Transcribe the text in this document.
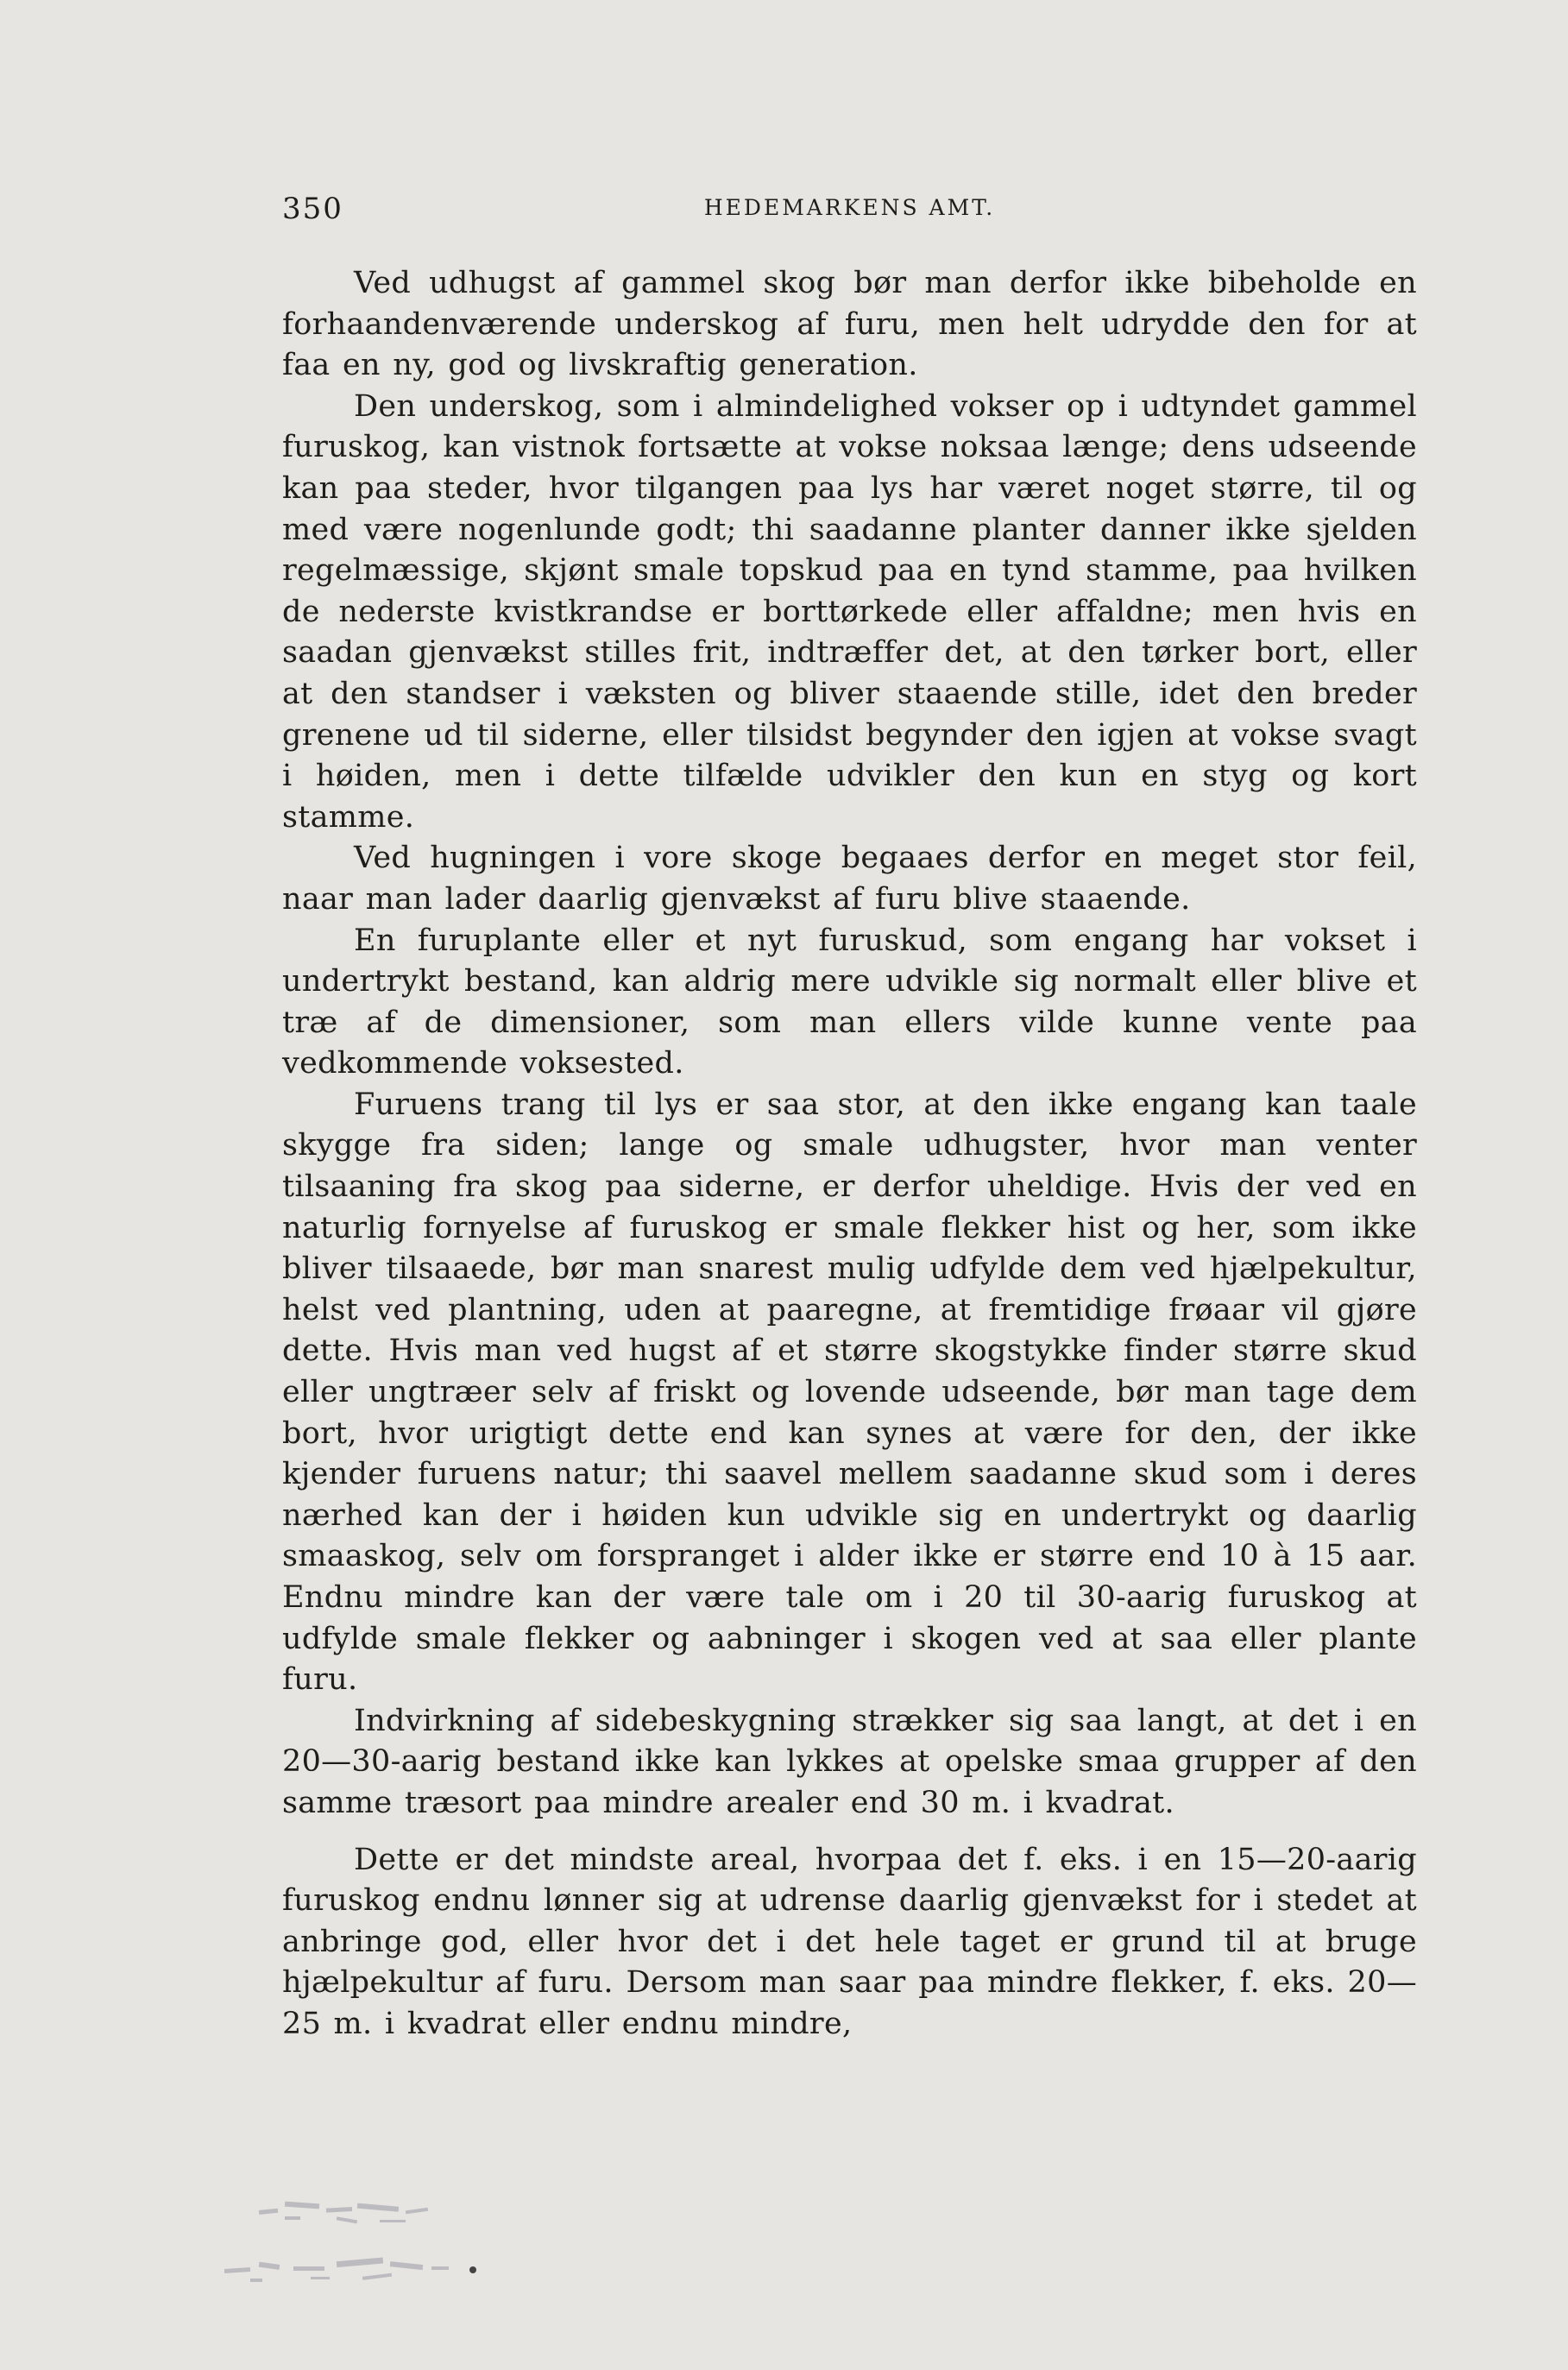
350	HEDEMARKENS AMT.

Ved udhugst af gammel skog bør man derfor ikke bibeholde en forhaandenværende underskog af furu, men helt udrydde den for at faa en ny, god og livskraftig generation.

Den underskog, som i almindelighed vokser op i udtyndet gammel furuskog, kan vistnok fortsætte at vokse noksaa længe; dens udseende kan paa steder, hvor tilgangen paa lys har været noget større, til og med være nogenlunde godt; thi saadanne planter danner ikke sjelden regelmæssige, skjønt smale topskud paa en tynd stamme, paa hvilken de nederste kvistkrandse er borttørkede eller affaldne; men hvis en saadan gjenvækst stilles frit, indtræffer det, at den tørker bort, eller at den standser i væksten og bliver staaende stille, idet den breder grenene ud til siderne, eller tilsidst begynder den igjen at vokse svagt i høiden, men i dette tilfælde udvikler den kun en styg og kort stamme.

Ved hugningen i vore skoge begaaes derfor en meget stor feil, naar man lader daarlig gjenvækst af furu blive staaende.

En furuplante eller et nyt furuskud, som engang har vokset i undertrykt bestand, kan aldrig mere udvikle sig normalt eller blive et træ af de dimensioner, som man ellers vilde kunne vente paa vedkommende voksested.

Furuens trang til lys er saa stor, at den ikke engang kan taale skygge fra siden; lange og smale udhugster, hvor man venter tilsaaning fra skog paa siderne, er derfor uheldige. Hvis der ved en naturlig fornyelse af furuskog er smale flekker hist og her, som ikke bliver tilsaaede, bør man snarest mulig udfylde dem ved hjælpekultur, helst ved plantning, uden at paaregne, at fremtidige frøaar vil gjøre dette. Hvis man ved hugst af et større skogstykke finder større skud eller ungtræer selv af friskt og lovende udseende, bør man tage dem bort, hvor urigtigt dette end kan synes at være for den, der ikke kjender furuens natur; thi saavel mellem saadanne skud som i deres nærhed kan der i høiden kun udvikle sig en undertrykt og daarlig smaaskog, selv om forspranget i alder ikke er større end 10 à 15 aar. Endnu mindre kan der være tale om i 20 til 30-aarig furuskog at udfylde smale flekker og aabninger i skogen ved at saa eller plante furu.

Indvirkning af sidebeskygning strækker sig saa langt, at det i en 20—30-aarig bestand ikke kan lykkes at opelske smaa grupper af den samme træsort paa mindre arealer end 30 m. i kvadrat.

Dette er det mindste areal, hvorpaa det f. eks. i en 15—20-aarig furuskog endnu lønner sig at udrense daarlig gjenvækst for i stedet at anbringe god, eller hvor det i det hele taget er grund til at bruge hjælpekultur af furu. Dersom man saar paa mindre flekker, f. eks. 20—25 m. i kvadrat eller endnu mindre,
